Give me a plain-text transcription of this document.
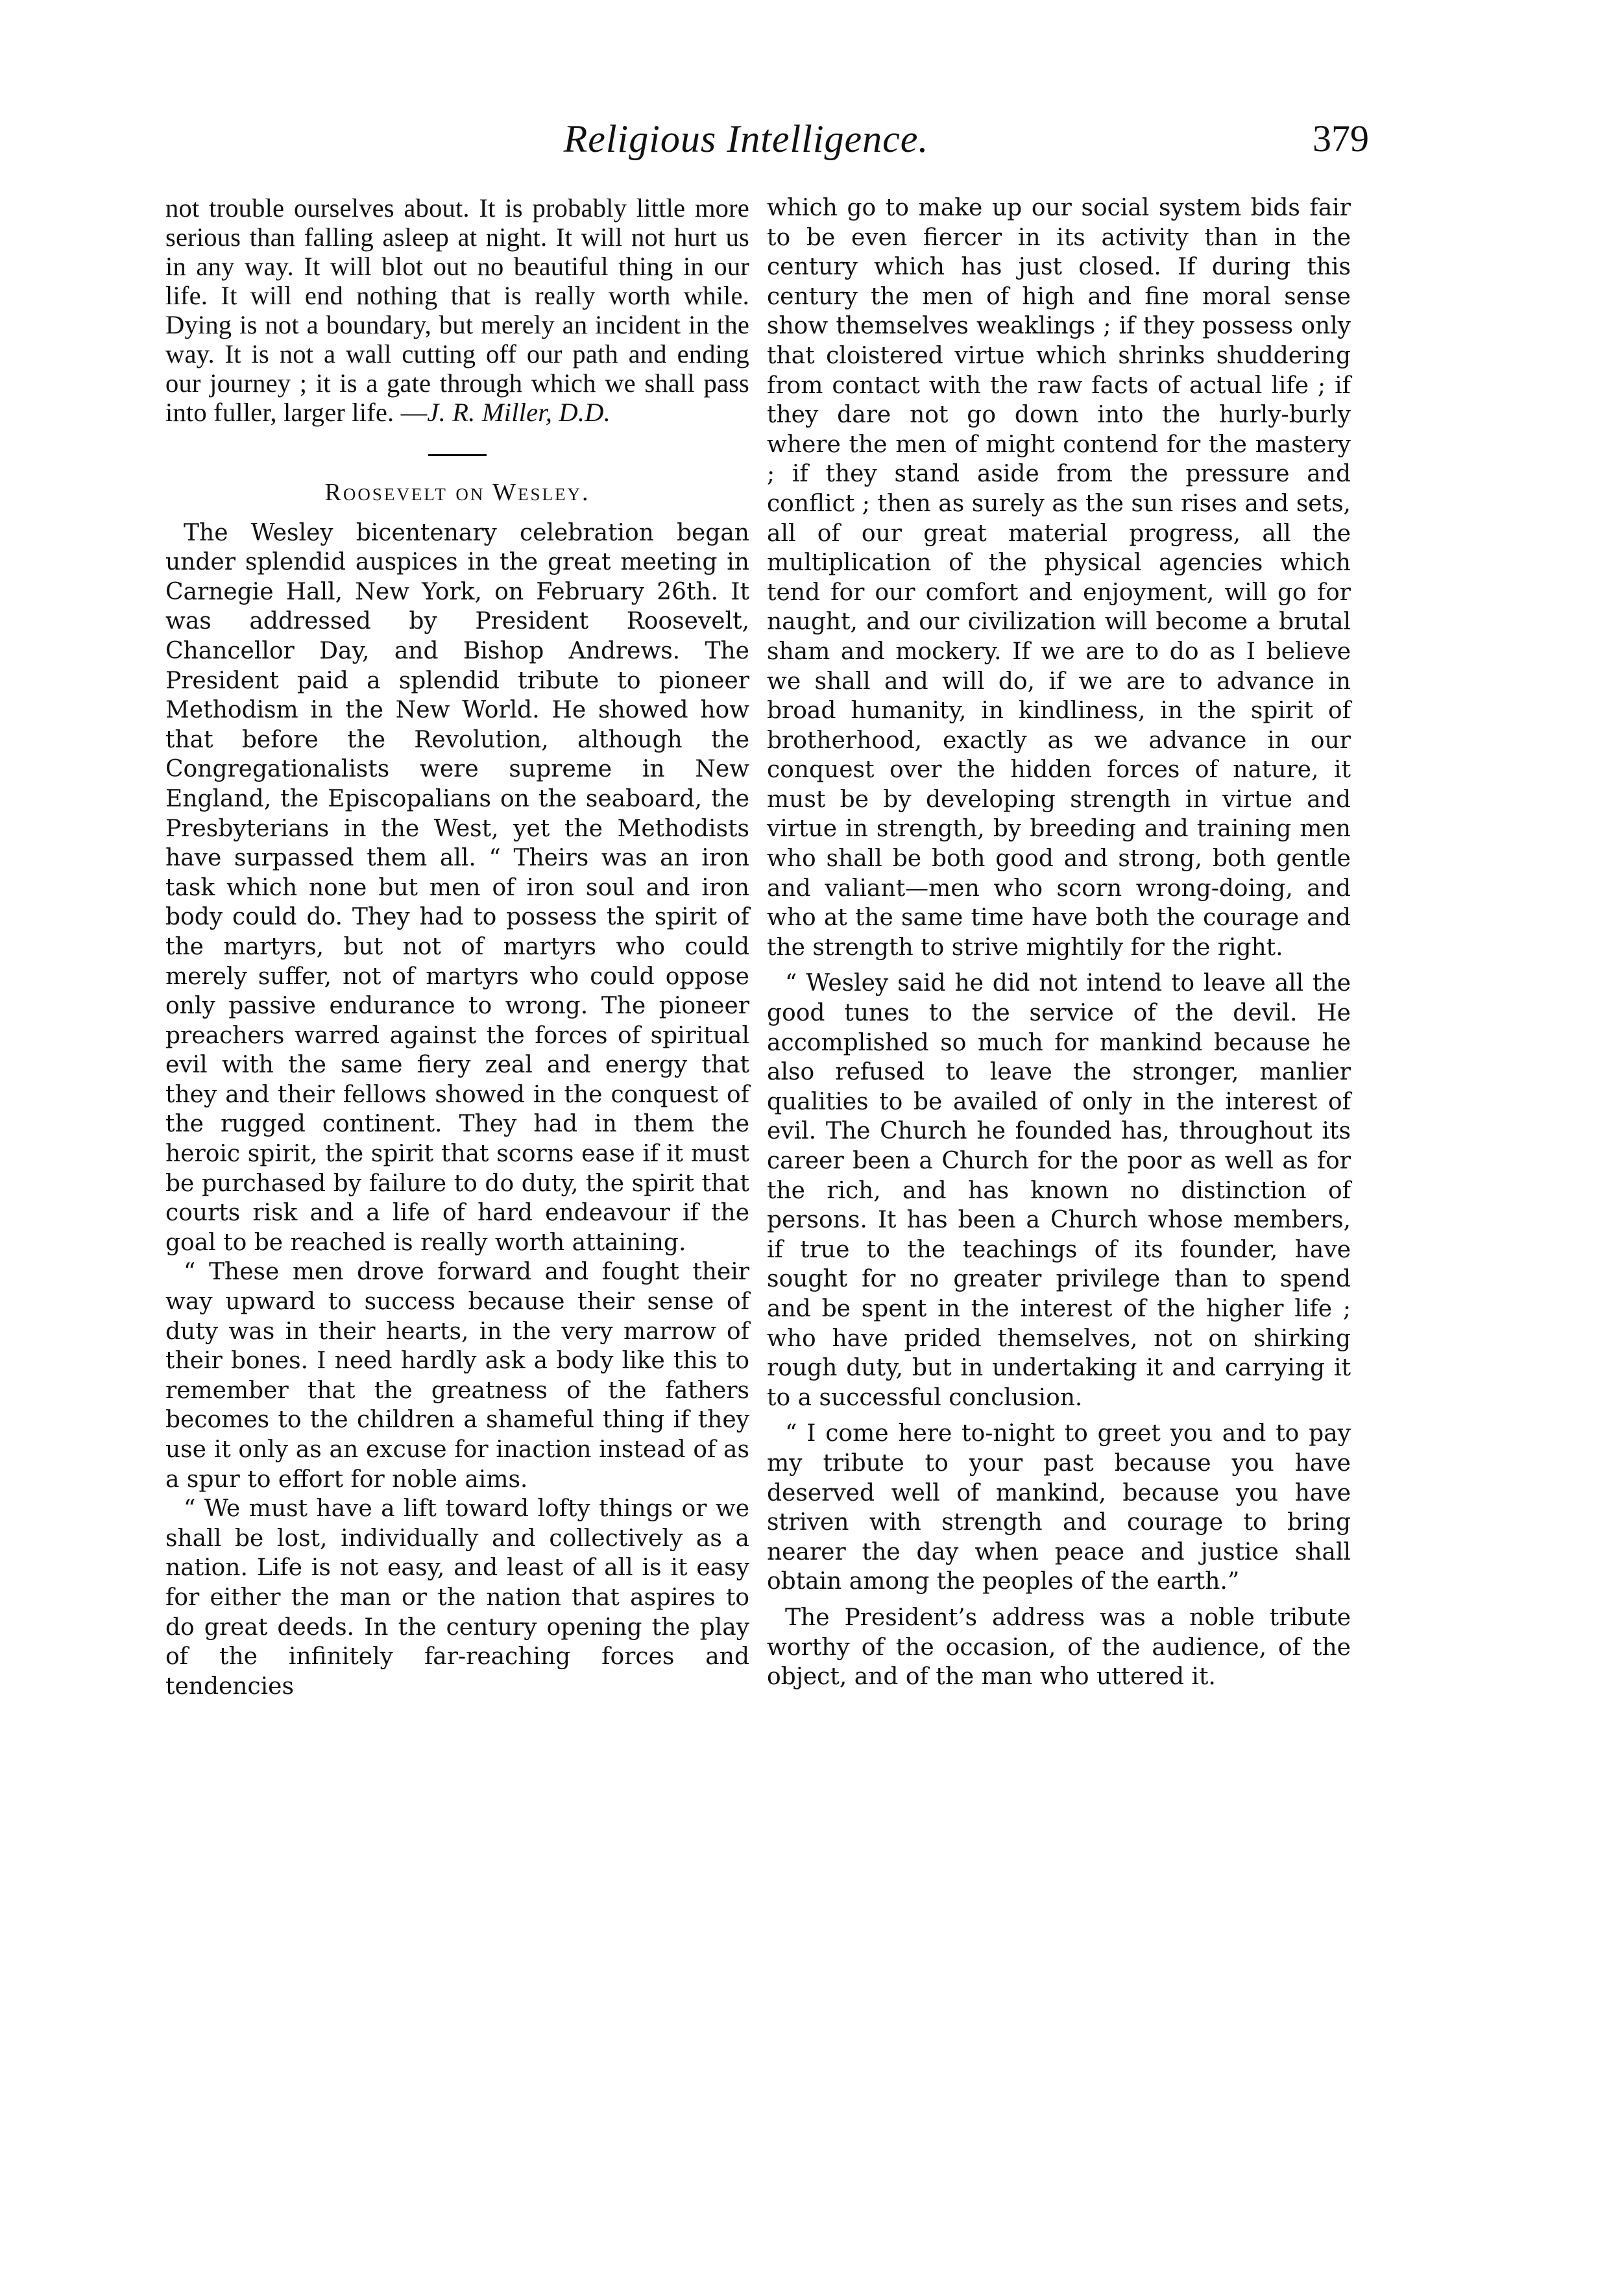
Religious Intelligence.	379

not trouble ourselves about. It is probably little more serious than falling asleep at night. It will not hurt us in any way. It will blot out no beautiful thing in our life. It will end nothing that is really worth while. Dying is not a boundary, but merely an incident in the way. It is not a wall cutting off our path and ending our journey ; it is a gate through which we shall pass into fuller, larger life. —J. R. Miller, D.D.

Roosevelt on Wesley.

The Wesley bicentenary celebration began under splendid auspices in the great meeting in Carnegie Hall, New York, on February 26th. It was addressed by President Roosevelt, Chancellor Day, and Bishop Andrews. The President paid a splendid tribute to pioneer Methodism in the New World. He showed how that before the Revolution, although the Congregationalists were supreme in New England, the Episcopalians on the seaboard, the Presbyterians in the West, yet the Methodists have surpassed them all. “ Theirs was an iron task which none but men of iron soul and iron body could do. They had to possess the spirit of the martyrs, but not of martyrs who could merely suffer, not of martyrs who could oppose only passive endurance to wrong. The pioneer preachers warred against the forces of spiritual evil with the same fiery zeal and energy that they and their fellows showed in the conquest of the rugged continent. They had in them the heroic spirit, the spirit that scorns ease if it must be purchased by failure to do duty, the spirit that courts risk and a life of hard endeavour if the goal to be reached is really worth attaining.

“ These men drove forward and fought their way upward to success because their sense of duty was in their hearts, in the very marrow of their bones. I need hardly ask a body like this to remember that the greatness of the fathers becomes to the children a shameful thing if they use it only as an excuse for inaction instead of as a spur to effort for noble aims.

“ We must have a lift toward lofty things or we shall be lost, individually and collectively as a nation. Life is not easy, and least of all is it easy for either the man or the nation that aspires to do great deeds. In the century opening the play of the infinitely far-reaching forces and tendencies

which go to make up our social system bids fair to be even fiercer in its activity than in the century which has just closed. If during this century the men of high and fine moral sense show themselves weaklings ; if they possess only that cloistered virtue which shrinks shuddering from contact with the raw facts of actual life ; if they dare not go down into the hurly-burly where the men of might contend for the mastery ; if they stand aside from the pressure and conflict ; then as surely as the sun rises and sets, all of our great material progress, all the multiplication of the physical agencies which tend for our comfort and enjoyment, will go for naught, and our civilization will become a brutal sham and mockery. If we are to do as I believe we shall and will do, if we are to advance in broad humanity, in kindliness, in the spirit of brotherhood, exactly as we advance in our conquest over the hidden forces of nature, it must be by developing strength in virtue and virtue in strength, by breeding and training men who shall be both good and strong, both gentle and valiant—men who scorn wrong-doing, and who at the same time have both the courage and the strength to strive mightily for the right.

“ Wesley said he did not intend to leave all the good tunes to the service of the devil. He accomplished so much for mankind because he also refused to leave the stronger, manlier qualities to be availed of only in the interest of evil. The Church he founded has, throughout its career been a Church for the poor as well as for the rich, and has known no distinction of persons. It has been a Church whose members, if true to the teachings of its founder, have sought for no greater privilege than to spend and be spent in the interest of the higher life ; who have prided themselves, not on shirking rough duty, but in undertaking it and carrying it to a successful conclusion.

“ I come here to-night to greet you and to pay my tribute to your past because you have deserved well of mankind, because you have striven with strength and courage to bring nearer the day when peace and justice shall obtain among the peoples of the earth.”

The President’s address was a noble tribute worthy of the occasion, of the audience, of the object, and of the man who uttered it.
